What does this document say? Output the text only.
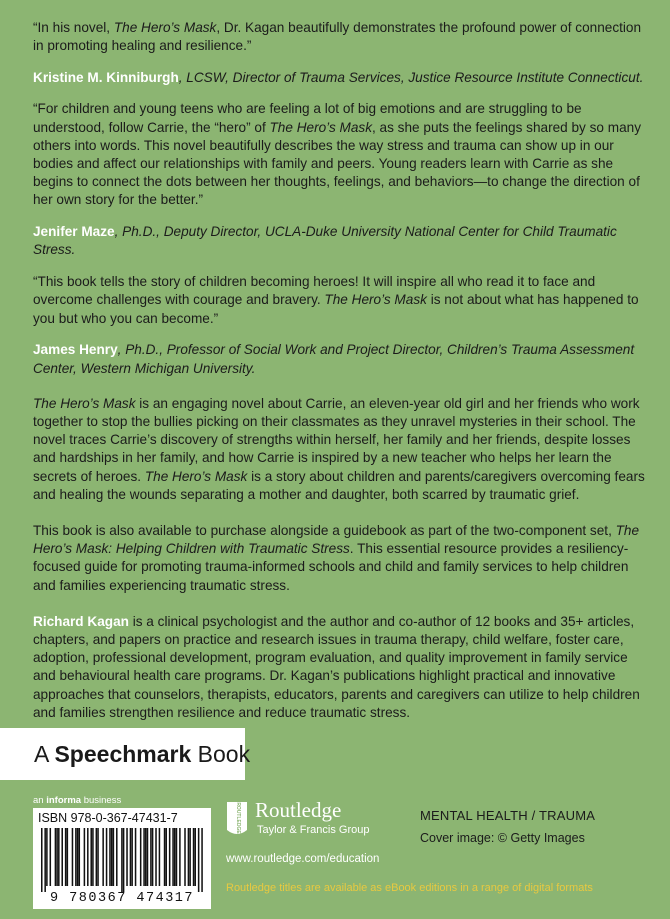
“In his novel, The Hero’s Mask, Dr. Kagan beautifully demonstrates the profound power of connection in promoting healing and resilience.”

Kristine M. Kinniburgh, LCSW, Director of Trauma Services, Justice Resource Institute Connecticut.

“For children and young teens who are feeling a lot of big emotions and are struggling to be understood, follow Carrie, the “hero” of The Hero’s Mask, as she puts the feelings shared by so many others into words. This novel beautifully describes the way stress and trauma can show up in our bodies and affect our relationships with family and peers. Young readers learn with Carrie as she begins to connect the dots between her thoughts, feelings, and behaviors—to change the direction of her own story for the better.”

Jenifer Maze, Ph.D., Deputy Director, UCLA-Duke University National Center for Child Traumatic Stress.

“This book tells the story of children becoming heroes! It will inspire all who read it to face and overcome challenges with courage and bravery. The Hero’s Mask is not about what has happened to you but who you can become.”

James Henry, Ph.D., Professor of Social Work and Project Director, Children’s Trauma Assessment Center, Western Michigan University.

The Hero’s Mask is an engaging novel about Carrie, an eleven-year old girl and her friends who work together to stop the bullies picking on their classmates as they unravel mysteries in their school. The novel traces Carrie’s discovery of strengths within herself, her family and her friends, despite losses and hardships in her family, and how Carrie is inspired by a new teacher who helps her learn the secrets of heroes. The Hero’s Mask is a story about children and parents/caregivers overcoming fears and healing the wounds separating a mother and daughter, both scarred by traumatic grief.

This book is also available to purchase alongside a guidebook as part of the two-component set, The Hero’s Mask: Helping Children with Traumatic Stress. This essential resource provides a resiliency-focused guide for promoting trauma-informed schools and child and family services to help children and families experiencing traumatic stress.

Richard Kagan is a clinical psychologist and the author and co-author of 12 books and 35+ articles, chapters, and papers on practice and research issues in trauma therapy, child welfare, foster care, adoption, professional development, program evaluation, and quality improvement in family service and behavioural health care programs. Dr. Kagan’s publications highlight practical and innovative approaches that counselors, therapists, educators, parents and caregivers can utilize to help children and families strengthen resilience and reduce traumatic stress.

A Speechmark Book
an informa business
ISBN 978-0-367-47431-7
9 780367 474317
ROUTLEDGE Routledge
Taylor & Francis Group
www.routledge.com/education
Routledge titles are available as eBook editions in a range of digital formats
MENTAL HEALTH / TRAUMA
Cover image: © Getty Images
